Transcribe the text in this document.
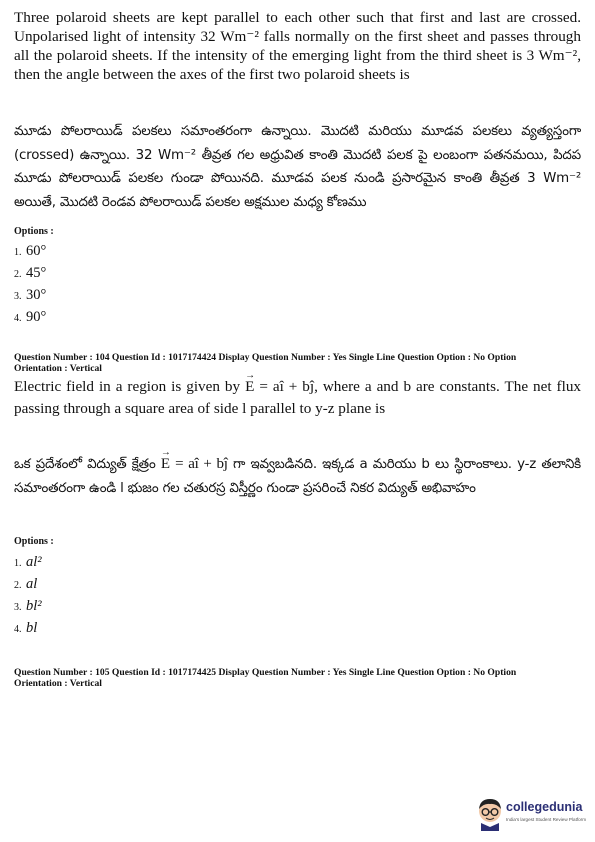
Three polaroid sheets are kept parallel to each other such that first and last are crossed. Unpolarised light of intensity 32 Wm⁻² falls normally on the first sheet and passes through all the polaroid sheets. If the intensity of the emerging light from the third sheet is 3 Wm⁻², then the angle between the axes of the first two polaroid sheets is
మూడు పోలరాయిడ్ పలకలు సమాంతరంగా ఉన్నాయి. మొదటి మరియు మూడవ పలకలు వ్యత్యస్తంగా (crossed) ఉన్నాయి. 32 Wm⁻² తీవ్రత గల అధ్రువిత కాంతి మొదటి పలక పై లంబంగా పతనమయి, పిదప మూడు పోలరాయిడ్ పలకల గుండా పోయినది. మూడవ పలక నుండి ప్రసారమైన కాంతి తీవ్రత 3 Wm⁻² అయితే, మొదటి రెండవ పోలరాయిడ్ పలకల అక్షముల మధ్య కోణము
Options :
1. 60°
2. 45°
3. 30°
4. 90°
Question Number : 104 Question Id : 1017174424 Display Question Number : Yes Single Line Question Option : No Option
Orientation : Vertical
Electric field in a region is given by → E = aî + bĵ, where a and b are constants. The net flux passing through a square area of side l parallel to y-z plane is
ఒక ప్రదేశంలో విద్యుత్ క్షేత్రం → E = aî + bĵ గా ఇవ్వబడినది. ఇక్కడ a మరియు b లు స్థిరాంకాలు. y-z తలానికి సమాంతరంగా ఉండి l భుజం గల చతురస్ర విస్తీర్ణం గుండా ప్రసరించే నికర విద్యుత్ అభివాహం
Options :
1. al²
2. al
3. bl²
4. bl
Question Number : 105 Question Id : 1017174425 Display Question Number : Yes Single Line Question Option : No Option
Orientation : Vertical
collegedunia
India's largest Student Review Platform
